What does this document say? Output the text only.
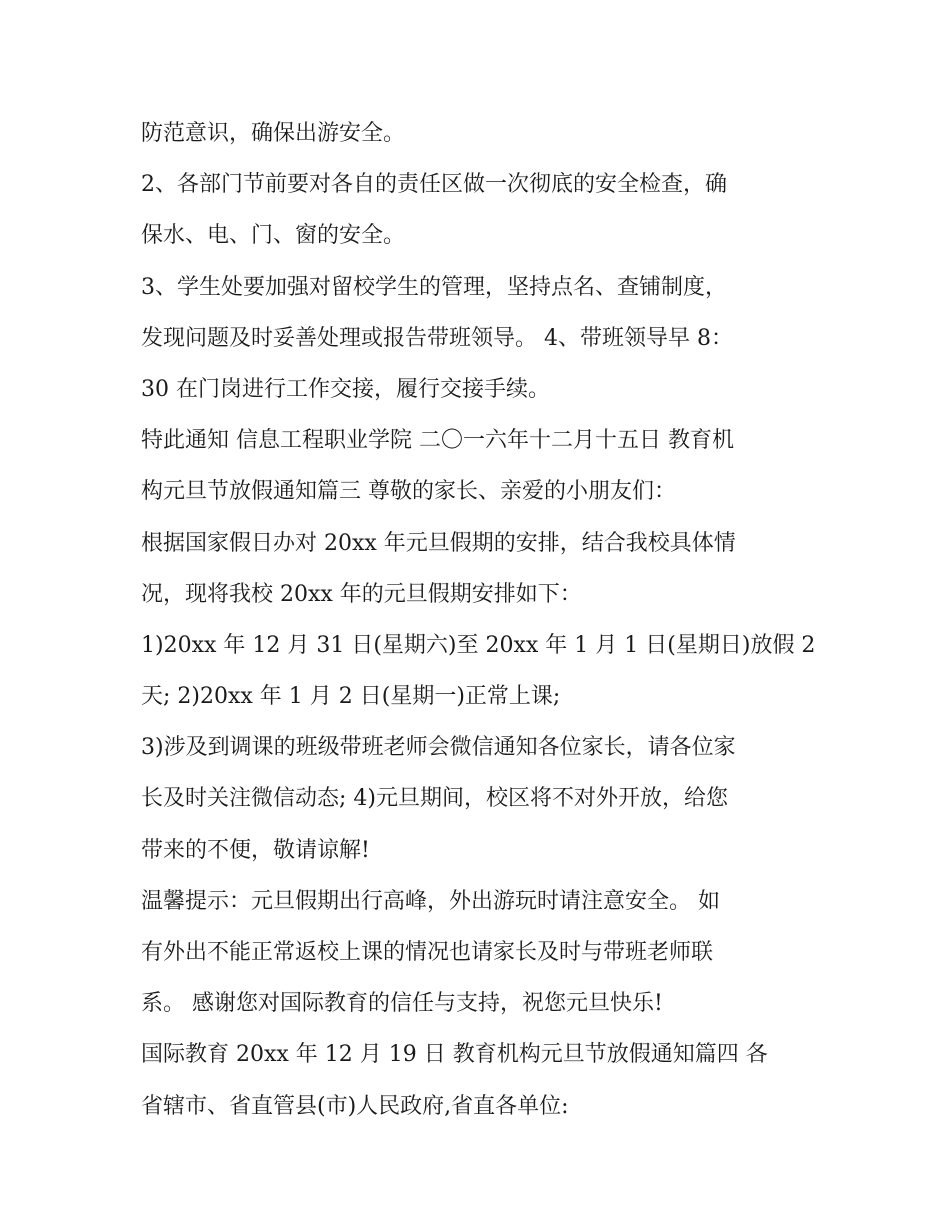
防范意识，确保出游安全。
2、各部门节前要对各自的责任区做一次彻底的安全检查，确
保水、电、门、窗的安全。
3、学生处要加强对留校学生的管理，坚持点名、查铺制度，
发现问题及时妥善处理或报告带班领导。 4、带班领导早 8：
30 在门岗进行工作交接，履行交接手续。
特此通知 信息工程职业学院 二〇一六年十二月十五日 教育机
构元旦节放假通知篇三 尊敬的家长、亲爱的小朋友们：
根据国家假日办对 20xx 年元旦假期的安排，结合我校具体情
况，现将我校 20xx 年的元旦假期安排如下：
1)20xx 年 12 月 31 日(星期六)至 20xx 年 1 月 1 日(星期日)放假 2
天; 2)20xx 年 1 月 2 日(星期一)正常上课;
3)涉及到调课的班级带班老师会微信通知各位家长，请各位家
长及时关注微信动态; 4)元旦期间，校区将不对外开放，给您
带来的不便，敬请谅解!
温馨提示：元旦假期出行高峰，外出游玩时请注意安全。 如
有外出不能正常返校上课的情况也请家长及时与带班老师联
系。 感谢您对国际教育的信任与支持，祝您元旦快乐!
国际教育 20xx 年 12 月 19 日 教育机构元旦节放假通知篇四 各
省辖市、省直管县(市)人民政府,省直各单位:
